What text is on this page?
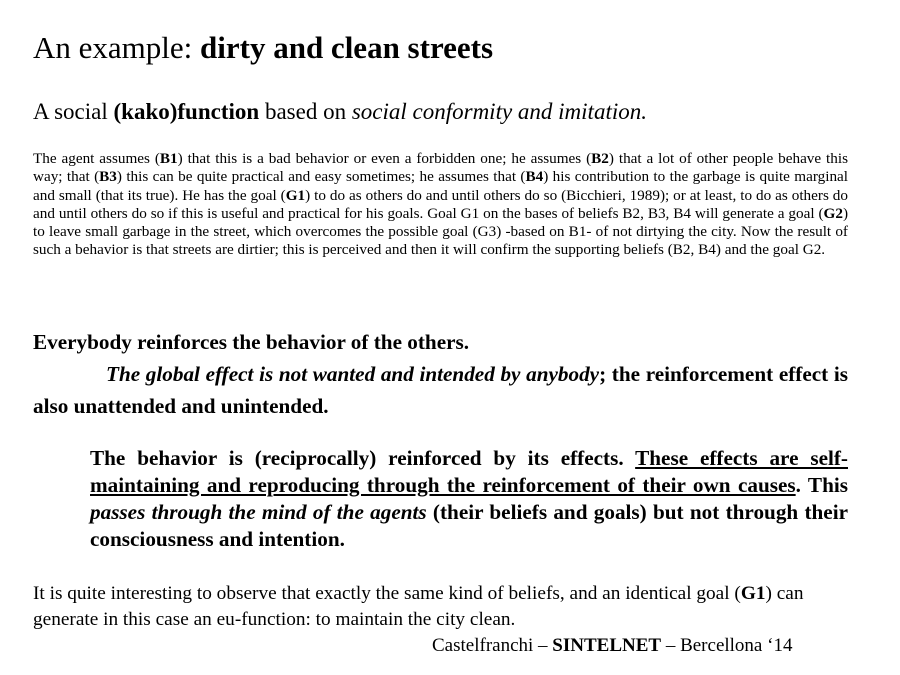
An example: dirty and clean streets
A social (kako)function based on social conformity and imitation.
The agent assumes (B1) that this is a bad behavior or even a forbidden one; he assumes (B2) that a lot of other people behave this way; that (B3) this can be quite practical and easy sometimes; he assumes that (B4) his contribution to the garbage is quite marginal and small (that its true). He has the goal (G1) to do as others do and until others do so (Bicchieri, 1989); or at least, to do as others do and until others do so if this is useful and practical for his goals. Goal G1 on the bases of beliefs B2, B3, B4 will generate a goal (G2) to leave small garbage in the street, which overcomes the possible goal (G3) -based on B1- of not dirtying the city. Now the result of such a behavior is that streets are dirtier; this is perceived and then it will confirm the supporting beliefs (B2, B4) and the goal G2.
Everybody reinforces the behavior of the others.
The global effect is not wanted and intended by anybody; the reinforcement effect is also unattended and unintended.
The behavior is (reciprocally) reinforced by its effects. These effects are self-maintaining and reproducing through the reinforcement of their own causes. This passes through the mind of the agents (their beliefs and goals) but not through their consciousness and intention.
It is quite interesting to observe that exactly the same kind of beliefs, and an identical goal (G1) can generate in this case an eu-function: to maintain the city clean.
Castelfranchi – SINTELNET – Bercellona ‘14
